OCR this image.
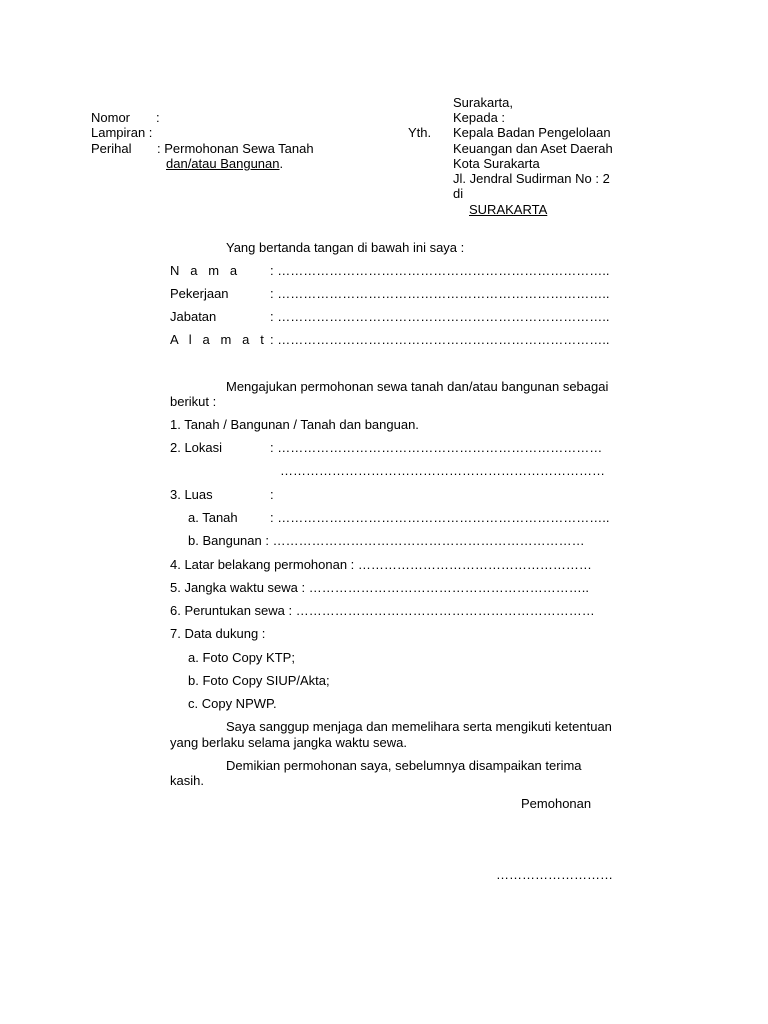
Nomor :
Lampiran :
Perihal : Permohonan Sewa Tanah
dan/atau Bangunan.
Surakarta,
Kepada :
Yth. Kepala Badan Pengelolaan
Keuangan dan Aset Daerah
Kota Surakarta
Jl. Jendral Sudirman No : 2
di
SURAKARTA
Yang bertanda tangan di bawah ini saya :
N a m a : …………………………………………………………………..
Pekerjaan	: …………………………………………………………………..
Jabatan	: …………………………………………………………………..
A l a m a t : …………………………………………………………………..
Mengajukan permohonan sewa tanah dan/atau bangunan sebagai
berikut :
1. Tanah / Bangunan / Tanah dan banguan.
2. Lokasi	: …………………………………………………………………
…………………………………………………………………
3. Luas	:
a. Tanah : …………………………………………………………………..
b. Bangunan : ………………………………………………………………
4. Latar belakang permohonan : ………………………………………………
5. Jangka waktu sewa : ………………………………………………………..
6. Peruntukan sewa : ……………………………………………………………
7. Data dukung :
a. Foto Copy KTP;
b. Foto Copy SIUP/Akta;
c. Copy NPWP.
Saya sanggup menjaga dan memelihara serta mengikuti ketentuan
yang berlaku selama jangka waktu sewa.
Demikian permohonan saya, sebelumnya disampaikan terima
kasih.
Pemohonan
………………………
